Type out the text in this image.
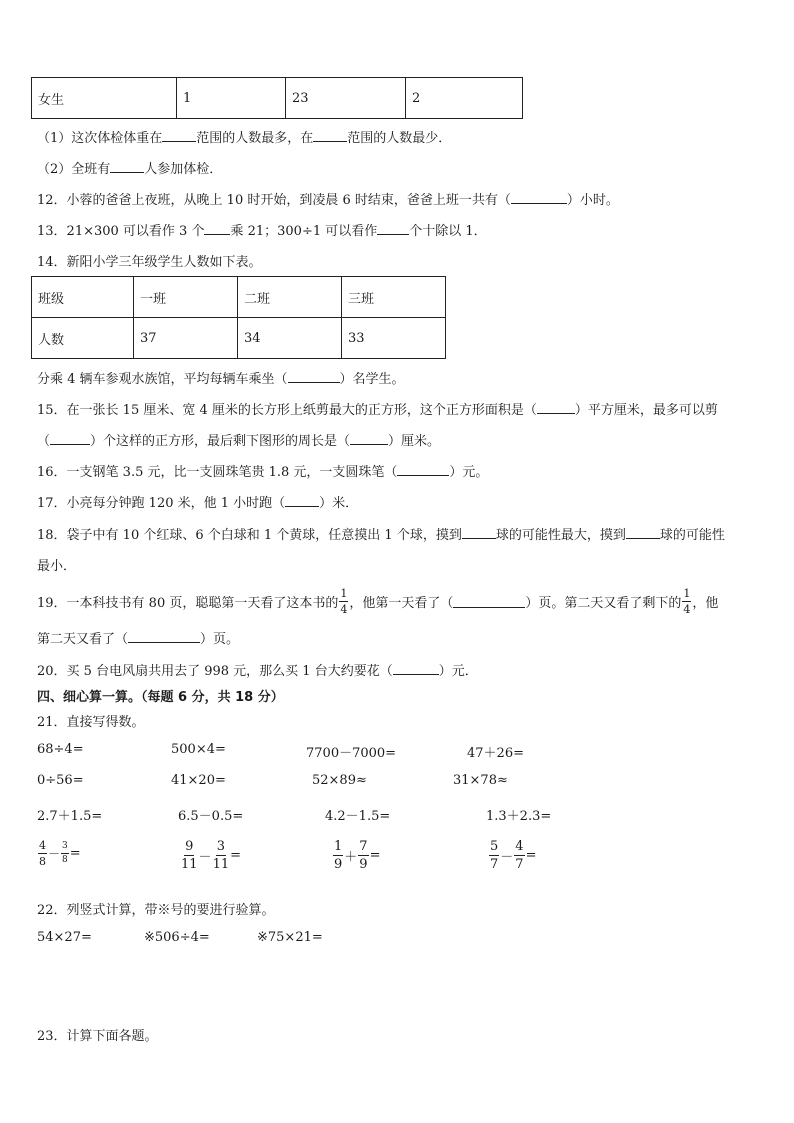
女生	1	23	2
（1）这次体检体重在	范围的人数最多，在	范围的人数最少．
（2）全班有	人参加体检．
12．小蓉的爸爸上夜班，从晚上 10 时开始，到凌晨 6 时结束，爸爸上班一共有（	）小时。
13．21×300 可以看作 3 个 乘 21；300÷1 可以看作 个十除以 1．
14．新阳小学三年级学生人数如下表。
班级	一班	二班	三班
人数	37	34	33
分乘 4 辆车参观水族馆，平均每辆车乘坐（	）名学生。
15．在一张长 15 厘米、宽 4 厘米的长方形上纸剪最大的正方形，这个正方形面积是（	）平方厘米，最多可以剪
（	）个这样的正方形，最后剩下图形的周长是（	）厘米。
16．一支钢笔 3.5 元，比一支圆珠笔贵 1.8 元，一支圆珠笔（	）元。
17．小亮每分钟跑 120 米，他 1 小时跑（	）米．
18．袋子中有 10 个红球、6 个白球和 1 个黄球，任意摸出 1 个球，摸到	球的可能性最大，摸到	球的可能性
最小．
19．一本科技书有 80 页，聪聪第一天看了这本书的 $\frac{1}{4}$ ，他第一天看了（	）页。第二天又看了剩下的 $\frac{1}{4}$ ，他
第二天又看了（	）页。
20．买 5 台电风扇共用去了 998 元，那么买 1 台大约要花（	）元．
四、细心算一算。（每题 6 分，共 18 分）
21．直接写得数。
68÷4=	500×4=	7700－7000=	47＋26=
0÷56=	41×20=	52×89≈	31×78≈
2.7＋1.5=	6.5－0.5=	4.2－1.5=	1.3＋2.3=
$\frac{4}{8} - \frac{3}{8}$ =	$\frac{9}{11} - \frac{3}{11}$ =	$\frac{1}{9} + \frac{7}{9}$ =	$\frac{5}{7} - \frac{4}{7}$ =
22．列竖式计算，带※号的要进行验算。
54×27=	※506÷4=	※75×21=
23．计算下面各题。
